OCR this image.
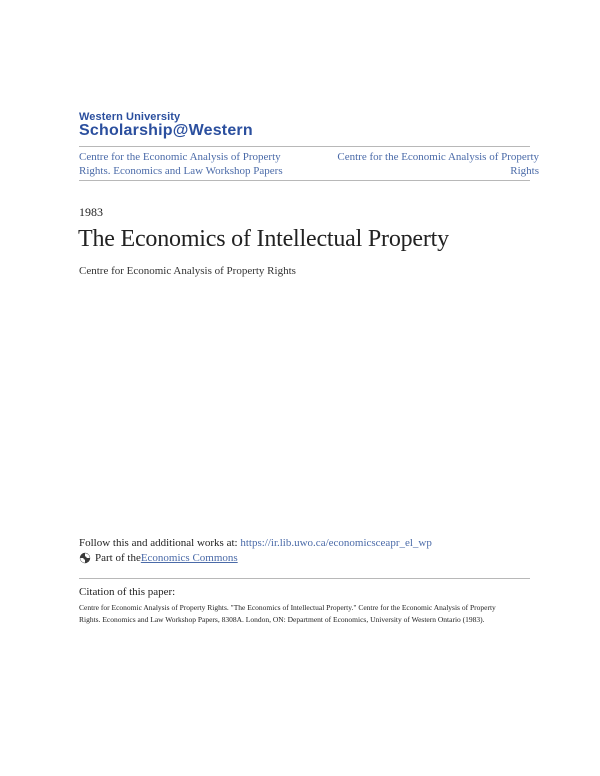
Western University
Scholarship@Western
Centre for the Economic Analysis of Property Rights. Economics and Law Workshop Papers
Centre for the Economic Analysis of Property Rights
1983
The Economics of Intellectual Property
Centre for Economic Analysis of Property Rights
Follow this and additional works at: https://ir.lib.uwo.ca/economicsceapr_el_wp
Part of the Economics Commons
Citation of this paper:
Centre for Economic Analysis of Property Rights. "The Economics of Intellectual Property." Centre for the Economic Analysis of Property Rights. Economics and Law Workshop Papers, 8308A. London, ON: Department of Economics, University of Western Ontario (1983).
